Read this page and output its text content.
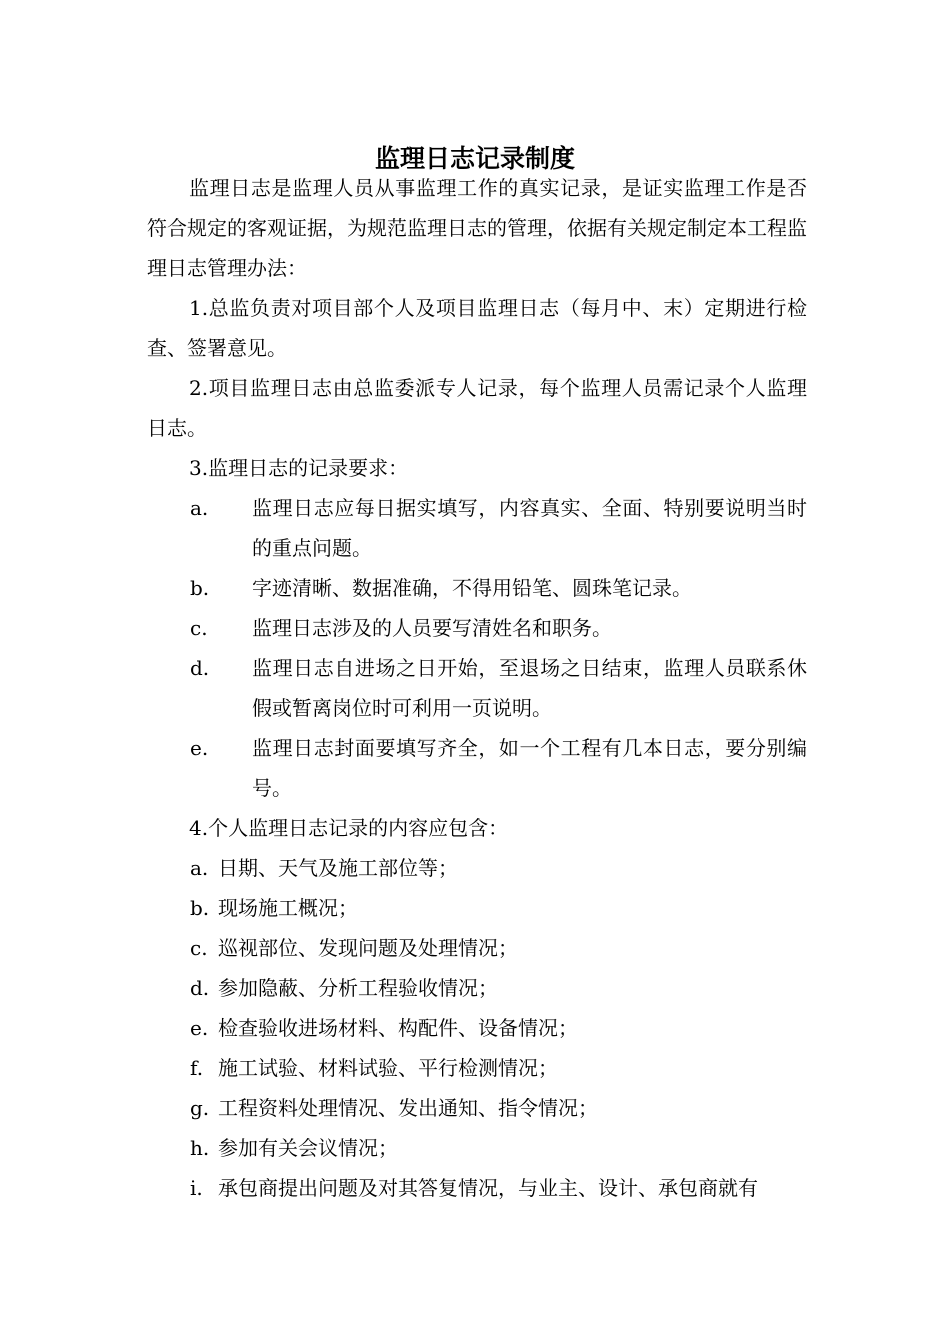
监理日志记录制度

监理日志是监理人员从事监理工作的真实记录，是证实监理工作是否符合规定的客观证据，为规范监理日志的管理，依据有关规定制定本工程监理日志管理办法：

1.总监负责对项目部个人及项目监理日志（每月中、末）定期进行检查、签署意见。

2.项目监理日志由总监委派专人记录，每个监理人员需记录个人监理日志。

3.监理日志的记录要求：

a. 监理日志应每日据实填写，内容真实、全面、特别要说明当时的重点问题。
b. 字迹清晰、数据准确，不得用铅笔、圆珠笔记录。
c. 监理日志涉及的人员要写清姓名和职务。
d. 监理日志自进场之日开始，至退场之日结束，监理人员联系休假或暂离岗位时可利用一页说明。
e. 监理日志封面要填写齐全，如一个工程有几本日志，要分别编号。

4.个人监理日志记录的内容应包含：

a. 日期、天气及施工部位等；
b. 现场施工概况；
c. 巡视部位、发现问题及处理情况；
d. 参加隐蔽、分析工程验收情况；
e. 检查验收进场材料、构配件、设备情况；
f. 施工试验、材料试验、平行检测情况；
g. 工程资料处理情况、发出通知、指令情况；
h. 参加有关会议情况；
i. 承包商提出问题及对其答复情况，与业主、设计、承包商就有
